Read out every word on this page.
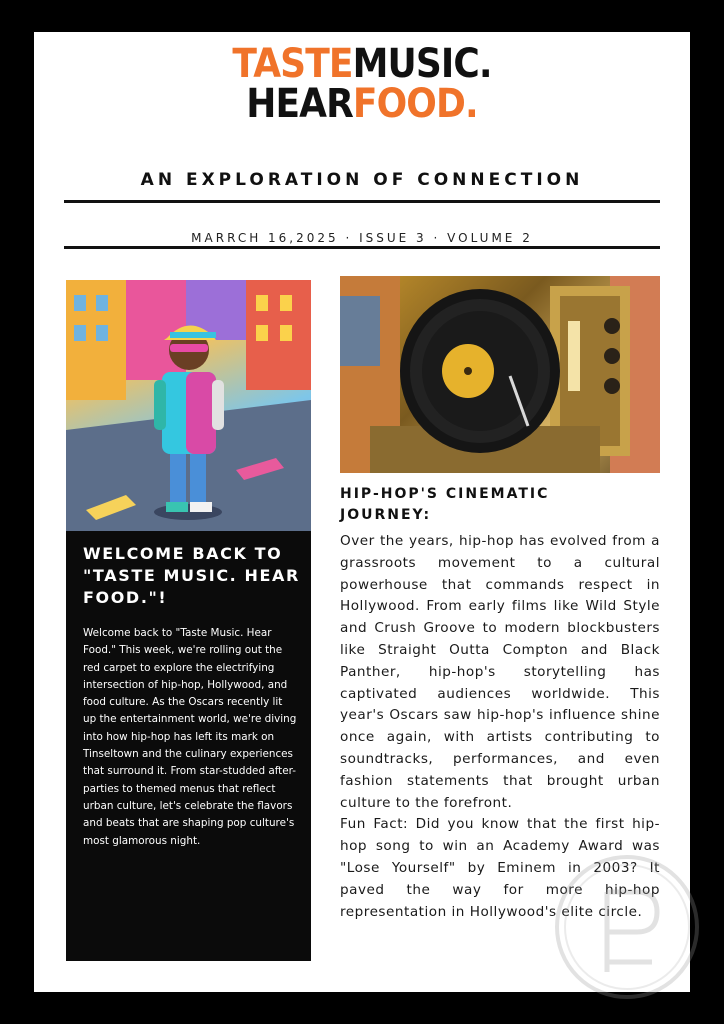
TASTEMUSIC.
HEARFOOD.
AN EXPLORATION OF CONNECTION
MARRCH 16,2025 · ISSUE 3 · VOLUME 2
WELCOME BACK TO "TASTE MUSIC. HEAR FOOD."!
Welcome back to "Taste Music. Hear Food." This week, we're rolling out the red carpet to explore the electrifying intersection of hip-hop, Hollywood, and food culture. As the Oscars recently lit up the entertainment world, we're diving into how hip-hop has left its mark on Tinseltown and the culinary experiences that surround it. From star-studded after-parties to themed menus that reflect urban culture, let's celebrate the flavors and beats that are shaping pop culture's most glamorous night.
HIP-HOP'S CINEMATIC JOURNEY:

Over the years, hip-hop has evolved from a grassroots movement to a cultural powerhouse that commands respect in Hollywood. From early films like Wild Style and Crush Groove to modern blockbusters like Straight Outta Compton and Black Panther, hip-hop's storytelling has captivated audiences worldwide. This year's Oscars saw hip-hop's influence shine once again, with artists contributing to soundtracks, performances, and even fashion statements that brought urban culture to the forefront.

Fun Fact: Did you know that the first hip-hop song to win an Academy Award was "Lose Yourself" by Eminem in 2003? It paved the way for more hip-hop representation in Hollywood's elite circle.
